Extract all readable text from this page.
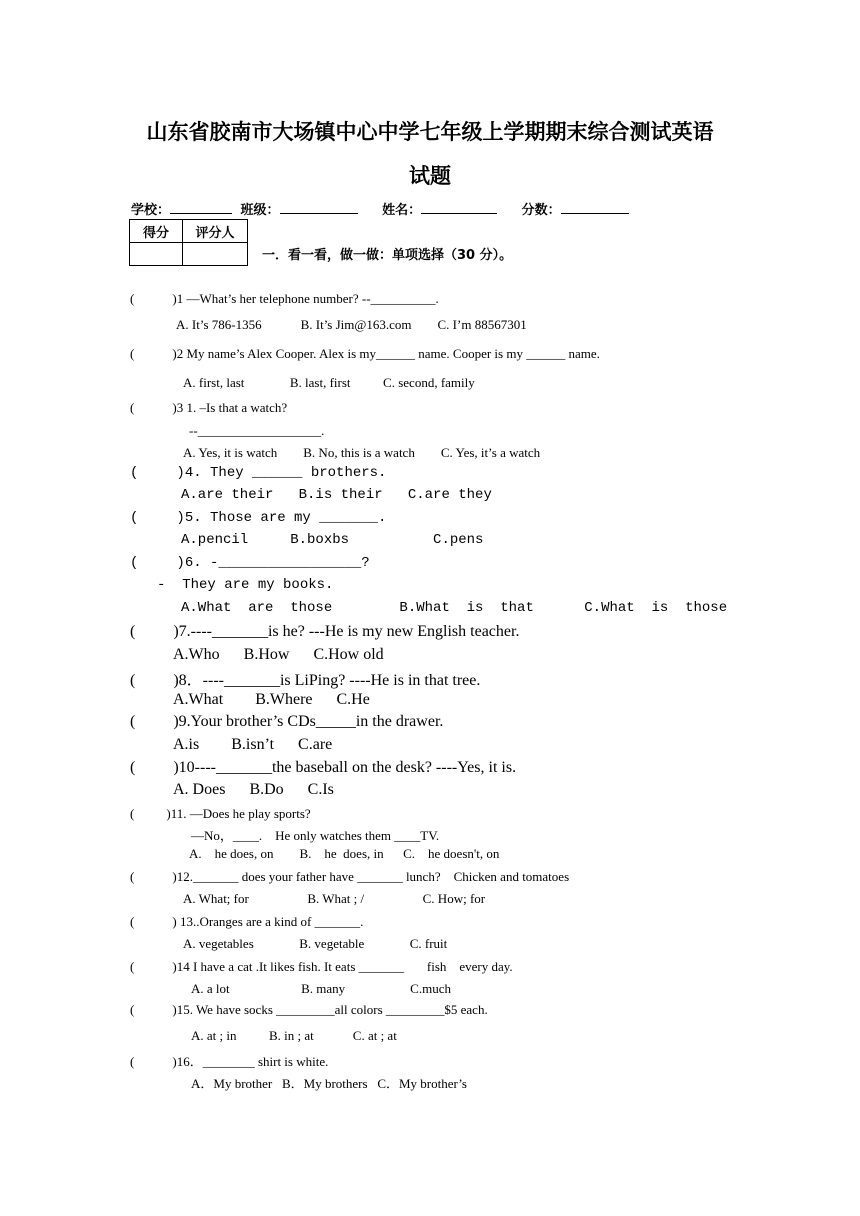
山东省胶南市大场镇中心中学七年级上学期期末综合测试英语
试题
学校：	班级：	姓名：	分数：
得分	评分人

一．看一看，做一做：单项选择（30 分）。
(	)1 —What’s her telephone number? --__________.
A. It’s 786-1356            B. It’s Jim@163.com        C. I’m 88567301
(	)2 My name’s Alex Cooper. Alex is my______ name. Cooper is my ______ name.
A. first, last              B. last, first          C. second, family
(	)3 1. –Is that a watch?
--___________________.
A. Yes, it is watch        B. No, this is a watch        C. Yes, it’s a watch
(	)4. They ______ brothers.
A.are their   B.is their   C.are they
(	)5. Those are my _______.
A.pencil     B.boxbs          C.pens
(	)6. -_________________?
-  They are my books.
A.What  are  those        B.What  is  that      C.What  is  those
( )7.----_______is he? ---He is my new English teacher.
A.Who      B.How      C.How old
( )8．----_______is LiPing? ----He is in that tree.
A.What        B.Where      C.He
( )9.Your brother’s CDs_____in the drawer.
A.is        B.isn’t      C.are
( )10----_______the baseball on the desk? ----Yes, it is.
A. Does      B.Do      C.Is
( )11. —Does he play sports?
—No，____.    He only watches them ____TV.
A.    he does, on        B.    he  does, in      C.    he doesn't, on
(	)12._______ does your father have _______ lunch?    Chicken and tomatoes
A. What; for                  B. What ; /                  C. How; for
(	) 13..Oranges are a kind of _______.
A. vegetables              B. vegetable              C. fruit
(	)14 I have a cat .It likes fish. It eats _______       fish    every day.
A. a lot                      B. many                    C.much
(	)15. We have socks _________all colors _________$5 each.
A. at ; in          B. in ; at            C. at ; at
(	)16．________ shirt is white.
A．My brother   B．My brothers   C．My brother’s
